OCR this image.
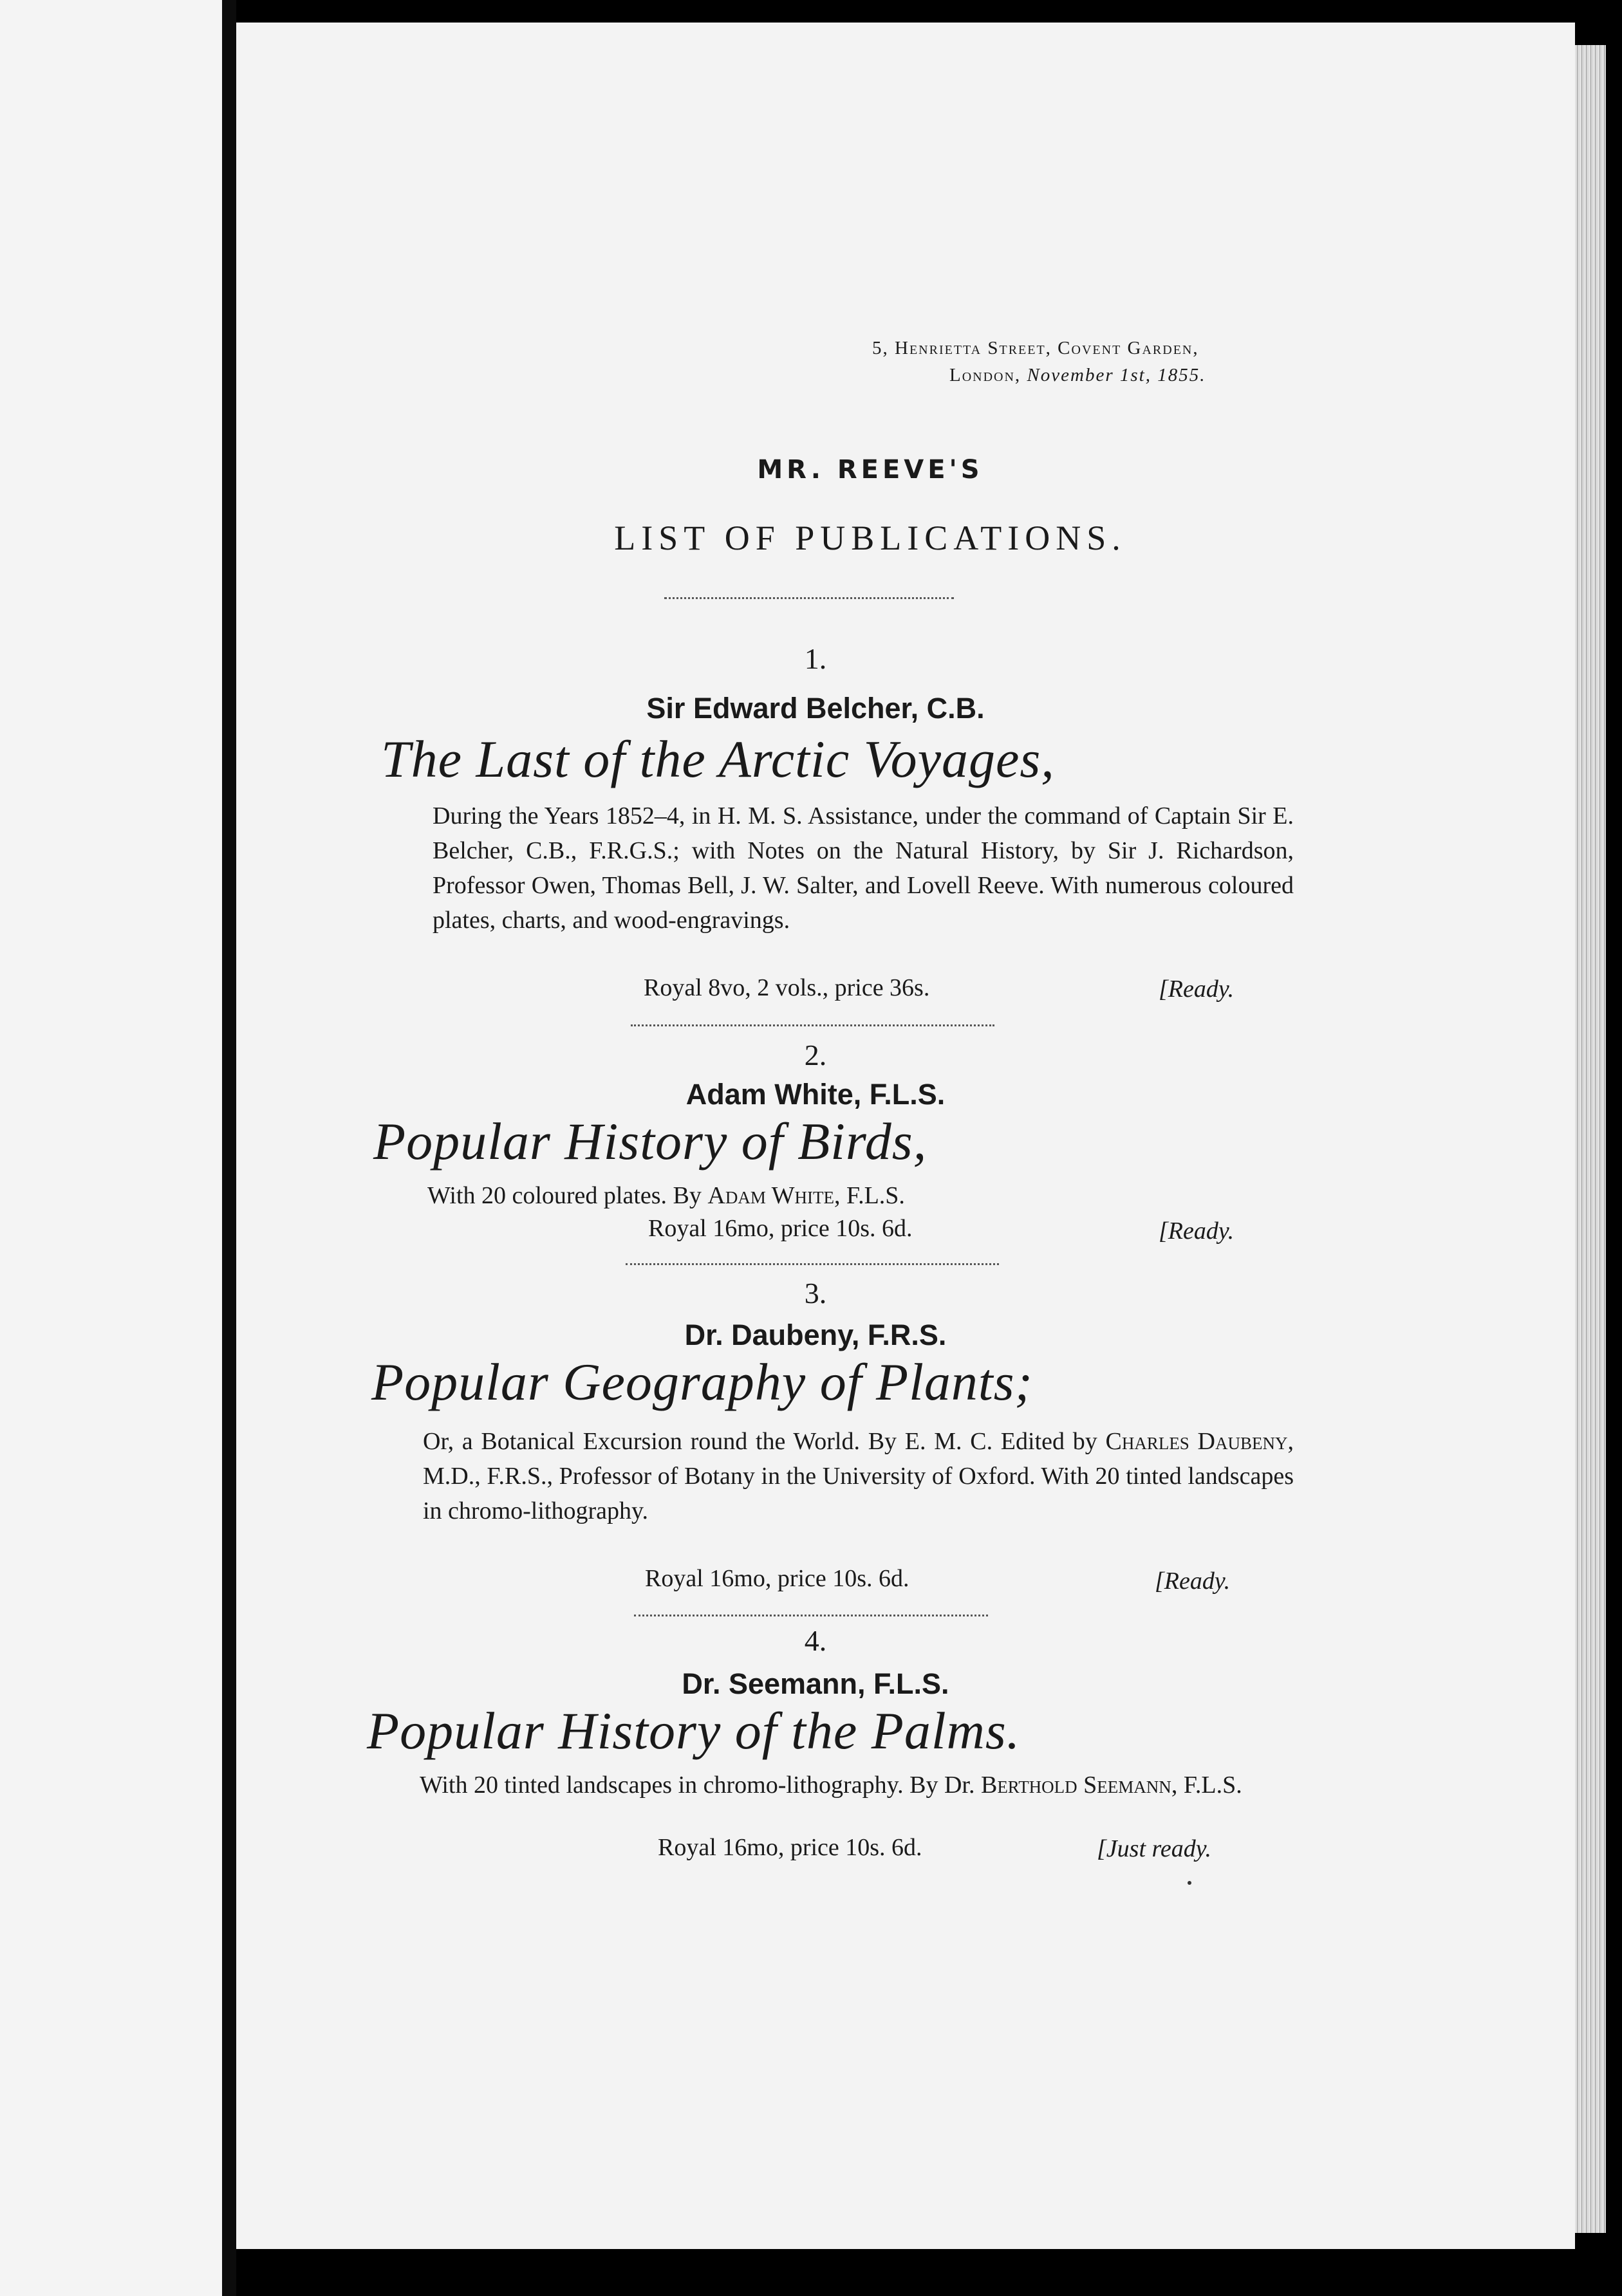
5, Henrietta Street, Covent Garden,
London, November 1st, 1855.
MR. REEVE'S
LIST OF PUBLICATIONS.
1.
Sir Edward Belcher, C.B.
The Last of the Arctic Voyages,
During the Years 1852–4, in H. M. S. Assistance, under the command of Captain Sir E. Belcher, C.B., F.R.G.S.; with Notes on the Natural History, by Sir J. Richardson, Professor Owen, Thomas Bell, J. W. Salter, and Lovell Reeve. With numerous coloured plates, charts, and wood-engravings.
Royal 8vo, 2 vols., price 36s.	[Ready.
2.
Adam White, F.L.S.
Popular History of Birds,
With 20 coloured plates. By Adam White, F.L.S.
Royal 16mo, price 10s. 6d.	[Ready.
3.
Dr. Daubeny, F.R.S.
Popular Geography of Plants;
Or, a Botanical Excursion round the World. By E. M. C. Edited by Charles Daubeny, M.D., F.R.S., Professor of Botany in the University of Oxford. With 20 tinted landscapes in chromo-lithography.
Royal 16mo, price 10s. 6d.	[Ready.
4.
Dr. Seemann, F.L.S.
Popular History of the Palms.
With 20 tinted landscapes in chromo-lithography. By Dr. Berthold Seemann, F.L.S.
Royal 16mo, price 10s. 6d.	[Just ready.
